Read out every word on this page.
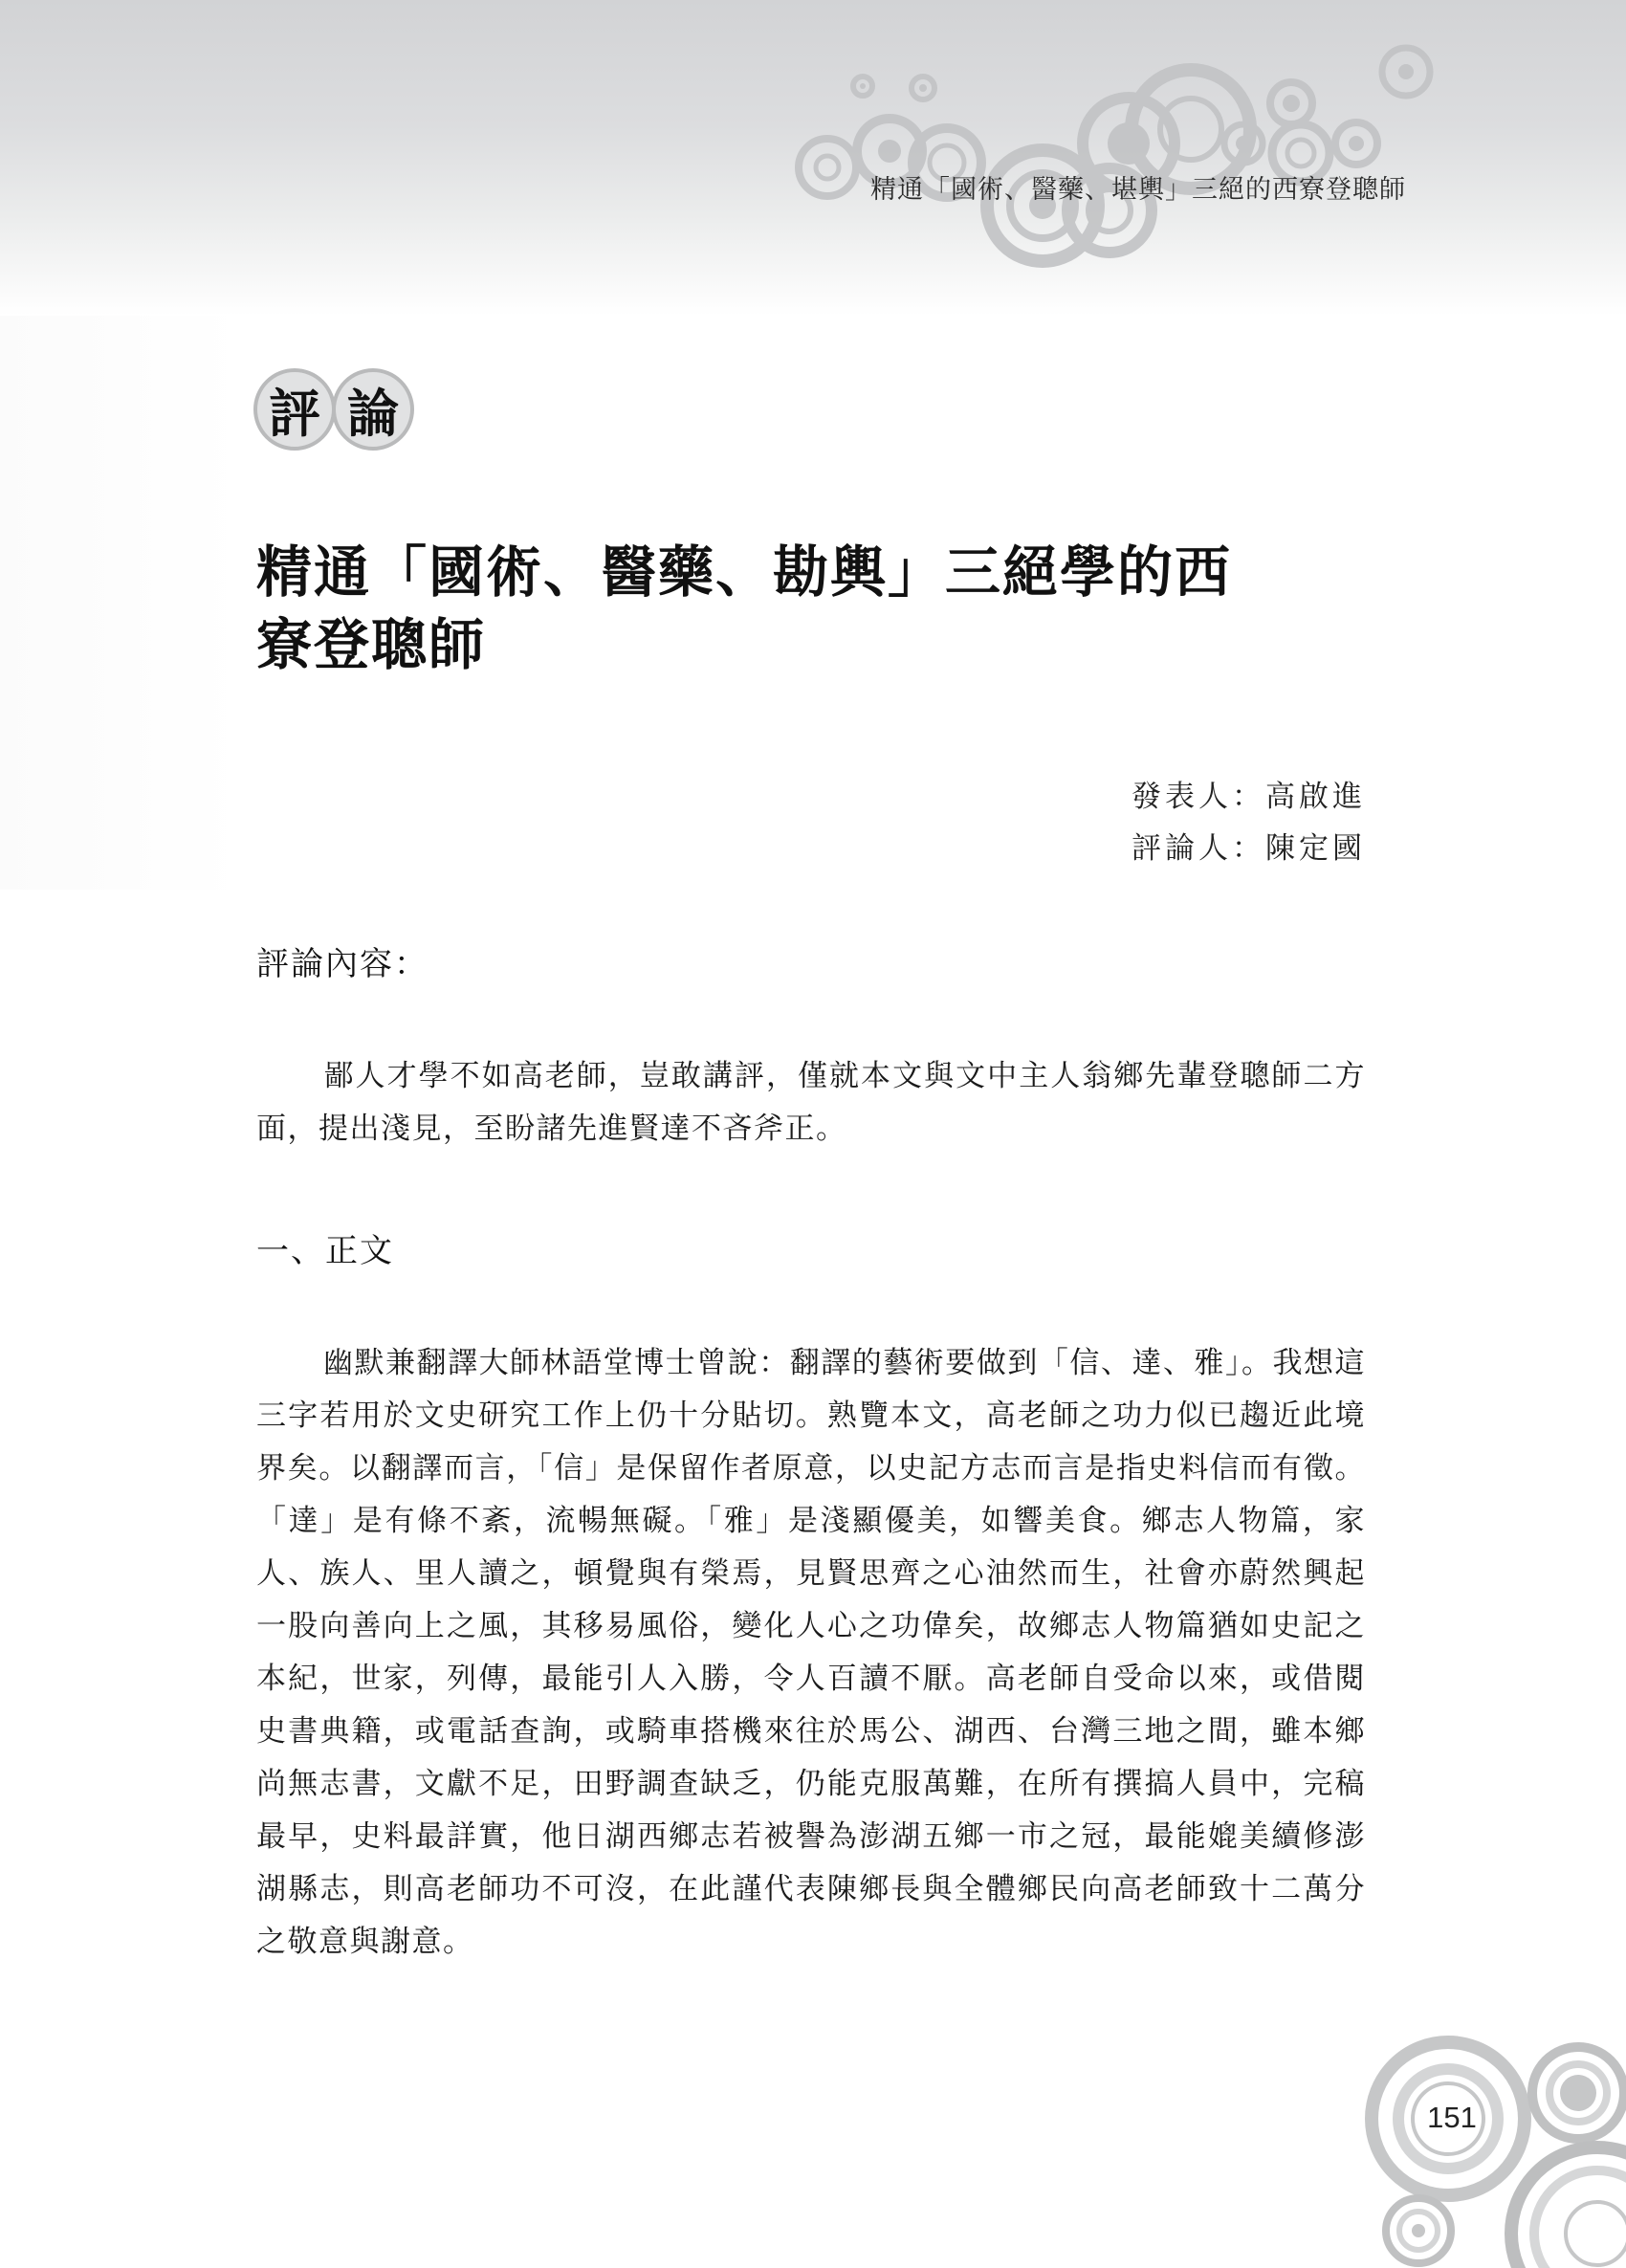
精通「國術、醫藥、堪輿」三絕的西寮登聰師
評 論
精通「國術、醫藥、勘輿」三絕學的西
寮登聰師
發表人：高啟進
評論人：陳定國
評論內容：
鄙人才學不如高老師，豈敢講評，僅就本文與文中主人翁鄉先輩登聰師二方面，提出淺見，至盼諸先進賢達不吝斧正。
一、正文
幽默兼翻譯大師林語堂博士曾說：翻譯的藝術要做到「信、達、雅」。我想這三字若用於文史研究工作上仍十分貼切。熟覽本文，高老師之功力似已趨近此境界矣。以翻譯而言，「信」是保留作者原意，以史記方志而言是指史料信而有徵。「達」是有條不紊，流暢無礙。「雅」是淺顯優美，如響美食。鄉志人物篇，家人、族人、里人讀之，頓覺與有榮焉，見賢思齊之心油然而生，社會亦蔚然興起一股向善向上之風，其移易風俗，變化人心之功偉矣，故鄉志人物篇猶如史記之本紀，世家，列傳，最能引人入勝，令人百讀不厭。高老師自受命以來，或借閱史書典籍，或電話查詢，或騎車搭機來往於馬公、湖西、台灣三地之間，雖本鄉尚無志書，文獻不足，田野調查缺乏，仍能克服萬難，在所有撰搞人員中，完稿最早，史料最詳實，他日湖西鄉志若被譽為澎湖五鄉一市之冠，最能媲美續修澎湖縣志，則高老師功不可沒，在此謹代表陳鄉長與全體鄉民向高老師致十二萬分之敬意與謝意。
151
